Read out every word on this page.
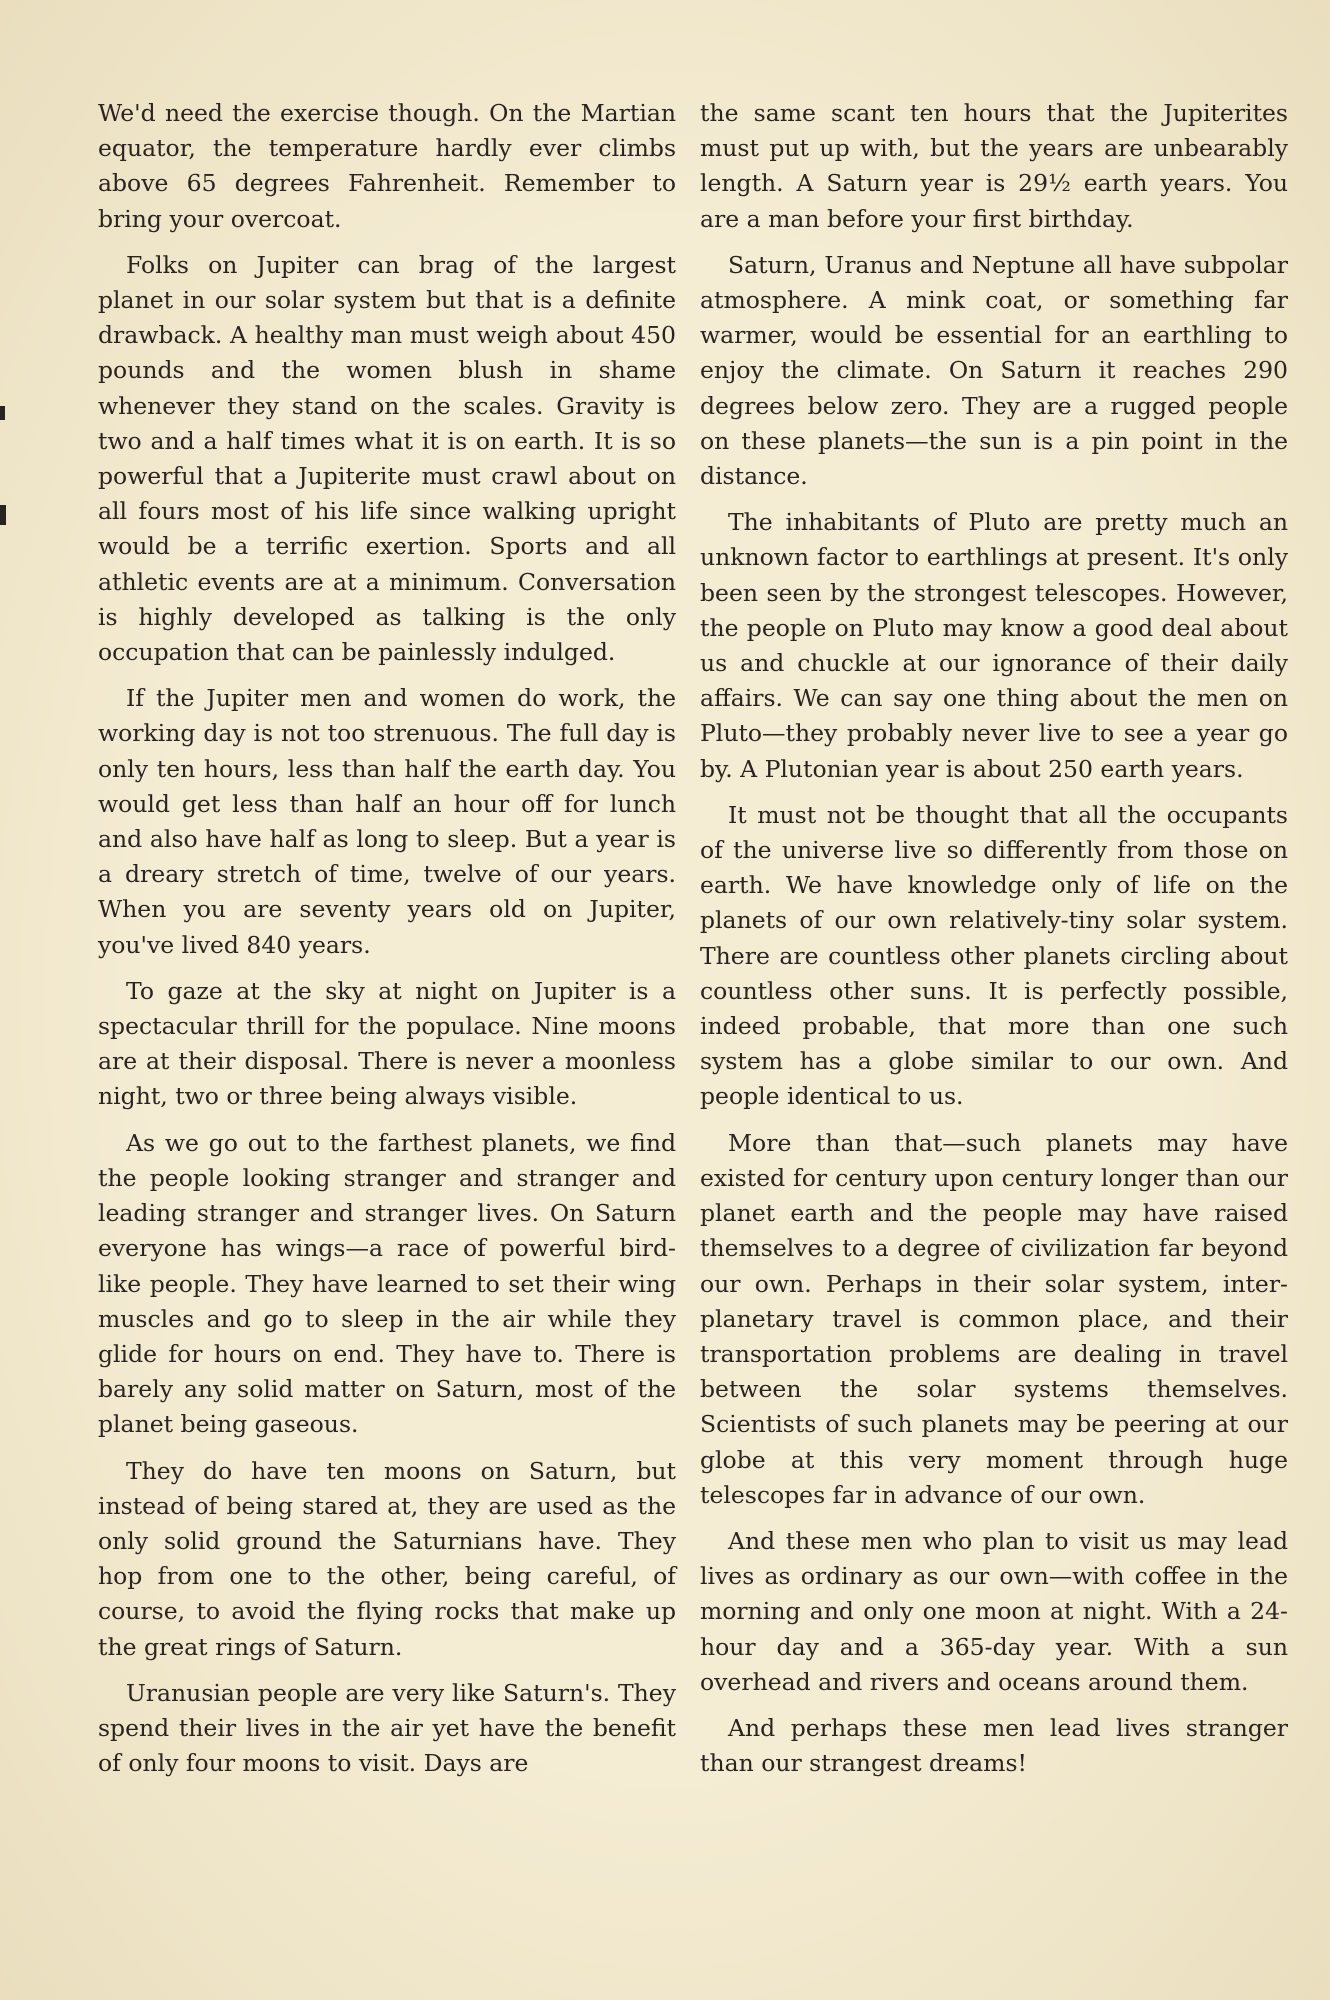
We'd need the exercise though. On the Martian equator, the temperature hardly ever climbs above 65 degrees Fahrenheit. Remember to bring your overcoat.

Folks on Jupiter can brag of the largest planet in our solar system but that is a definite drawback. A healthy man must weigh about 450 pounds and the women blush in shame whenever they stand on the scales. Gravity is two and a half times what it is on earth. It is so powerful that a Jupiterite must crawl about on all fours most of his life since walking upright would be a terrific exertion. Sports and all athletic events are at a minimum. Conversation is highly developed as talking is the only occupation that can be painlessly indulged.

If the Jupiter men and women do work, the working day is not too strenuous. The full day is only ten hours, less than half the earth day. You would get less than half an hour off for lunch and also have half as long to sleep. But a year is a dreary stretch of time, twelve of our years. When you are seventy years old on Jupiter, you've lived 840 years.

To gaze at the sky at night on Jupiter is a spectacular thrill for the populace. Nine moons are at their disposal. There is never a moonless night, two or three being always visible.

As we go out to the farthest planets, we find the people looking stranger and stranger and leading stranger and stranger lives. On Saturn everyone has wings—a race of powerful bird-like people. They have learned to set their wing muscles and go to sleep in the air while they glide for hours on end. They have to. There is barely any solid matter on Saturn, most of the planet being gaseous.

They do have ten moons on Saturn, but instead of being stared at, they are used as the only solid ground the Saturnians have. They hop from one to the other, being careful, of course, to avoid the flying rocks that make up the great rings of Saturn.

Uranusian people are very like Saturn's. They spend their lives in the air yet have the benefit of only four moons to visit. Days are

the same scant ten hours that the Jupiterites must put up with, but the years are unbearably length. A Saturn year is 29½ earth years. You are a man before your first birthday.

Saturn, Uranus and Neptune all have subpolar atmosphere. A mink coat, or something far warmer, would be essential for an earthling to enjoy the climate. On Saturn it reaches 290 degrees below zero. They are a rugged people on these planets—the sun is a pin point in the distance.

The inhabitants of Pluto are pretty much an unknown factor to earthlings at present. It's only been seen by the strongest telescopes. However, the people on Pluto may know a good deal about us and chuckle at our ignorance of their daily affairs. We can say one thing about the men on Pluto—they probably never live to see a year go by. A Plutonian year is about 250 earth years.

It must not be thought that all the occupants of the universe live so differently from those on earth. We have knowledge only of life on the planets of our own relatively-tiny solar system. There are countless other planets circling about countless other suns. It is perfectly possible, indeed probable, that more than one such system has a globe similar to our own. And people identical to us.

More than that—such planets may have existed for century upon century longer than our planet earth and the people may have raised themselves to a degree of civilization far beyond our own. Perhaps in their solar system, inter-planetary travel is common place, and their transportation problems are dealing in travel between the solar systems themselves. Scientists of such planets may be peering at our globe at this very moment through huge telescopes far in advance of our own.

And these men who plan to visit us may lead lives as ordinary as our own—with coffee in the morning and only one moon at night. With a 24-hour day and a 365-day year. With a sun overhead and rivers and oceans around them.

And perhaps these men lead lives stranger than our strangest dreams!
